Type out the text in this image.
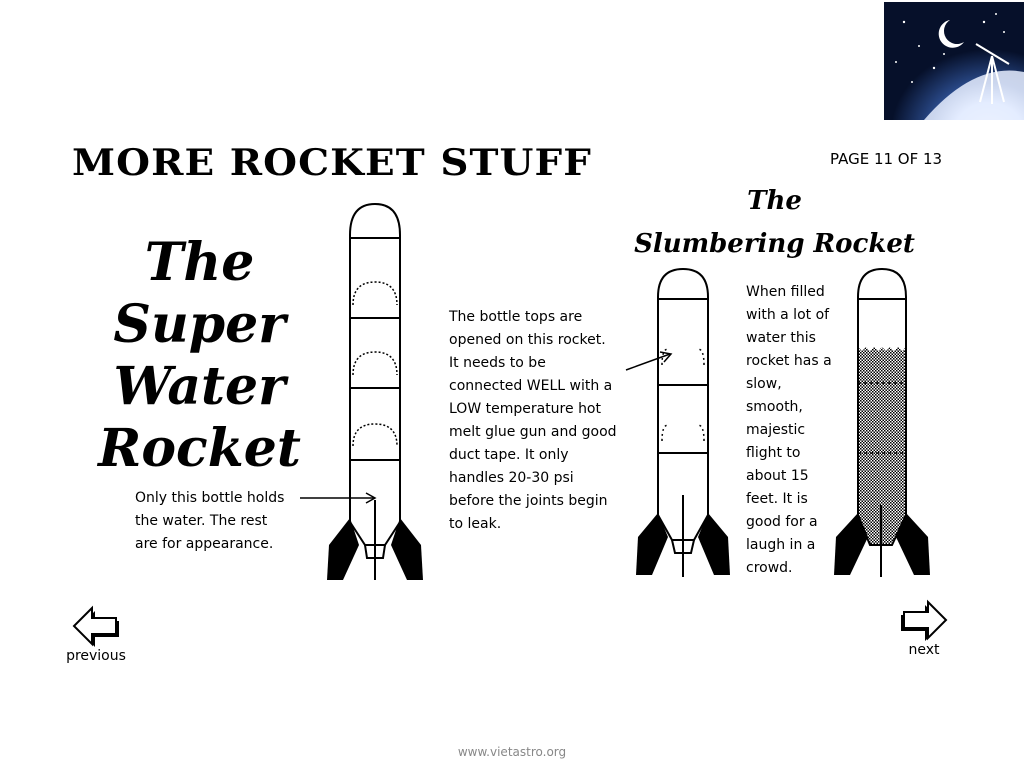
MORE ROCKET STUFF	PAGE 11 OF 13
The
Super
Water
Rocket
Only this bottle holds
the water. The rest
are for appearance.
The bottle tops are
opened on this rocket.
It needs to be
connected WELL with a
LOW temperature hot
melt glue gun and good
duct tape. It only
handles 20-30 psi
before the joints begin
to leak.
The
Slumbering Rocket
When filled
with a lot of
water this
rocket has a
slow,
smooth,
majestic
flight to
about 15
feet. It is
good for a
laugh in a
crowd.
previous	next
www.vietastro.org
